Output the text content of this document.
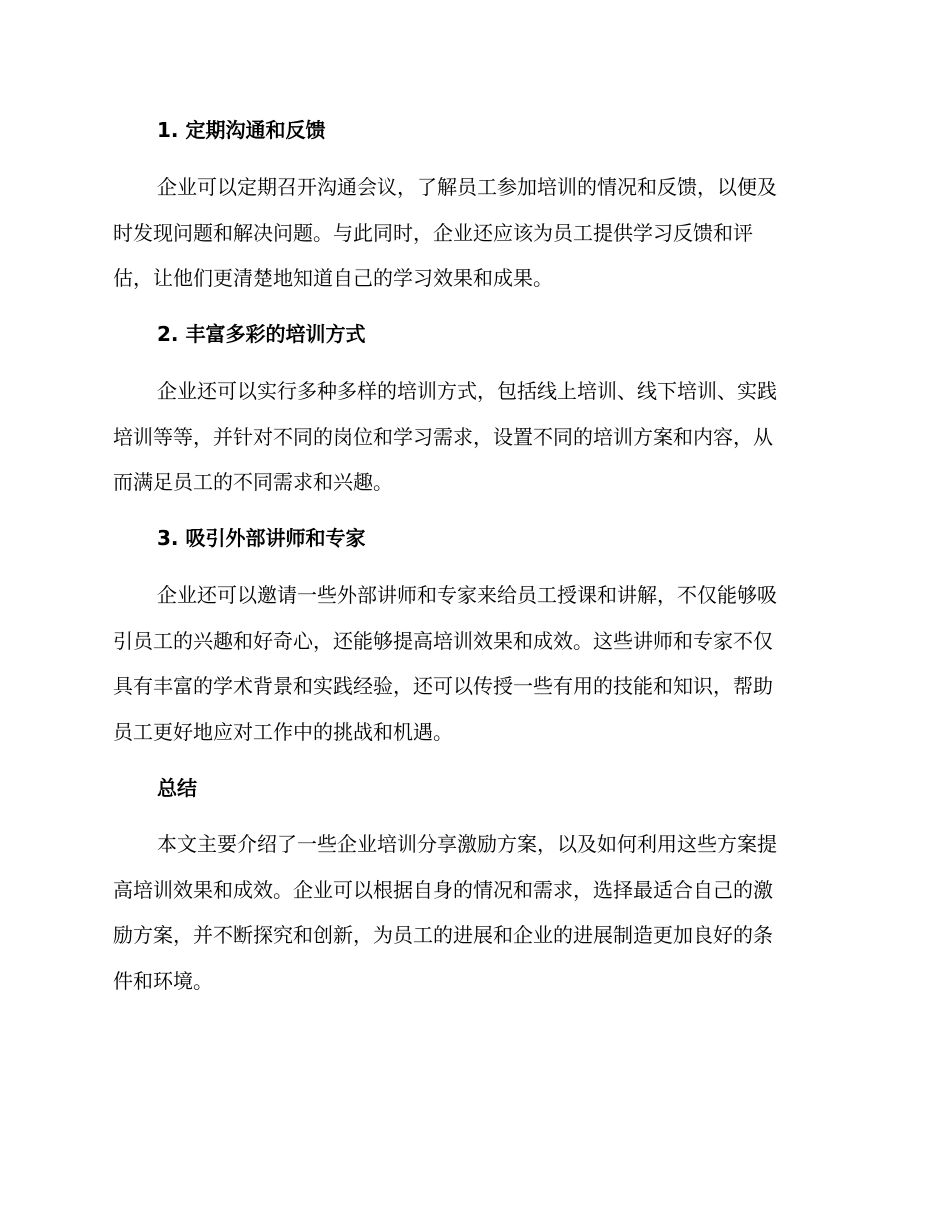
1. 定期沟通和反馈
企业可以定期召开沟通会议，了解员工参加培训的情况和反馈，以便及
时发现问题和解决问题。与此同时，企业还应该为员工提供学习反馈和评
估，让他们更清楚地知道自己的学习效果和成果。
2. 丰富多彩的培训方式
企业还可以实行多种多样的培训方式，包括线上培训、线下培训、实践
培训等等，并针对不同的岗位和学习需求，设置不同的培训方案和内容，从
而满足员工的不同需求和兴趣。
3. 吸引外部讲师和专家
企业还可以邀请一些外部讲师和专家来给员工授课和讲解，不仅能够吸
引员工的兴趣和好奇心，还能够提高培训效果和成效。这些讲师和专家不仅
具有丰富的学术背景和实践经验，还可以传授一些有用的技能和知识，帮助
员工更好地应对工作中的挑战和机遇。
总结
本文主要介绍了一些企业培训分享激励方案，以及如何利用这些方案提
高培训效果和成效。企业可以根据自身的情况和需求，选择最适合自己的激
励方案，并不断探究和创新，为员工的进展和企业的进展制造更加良好的条
件和环境。
